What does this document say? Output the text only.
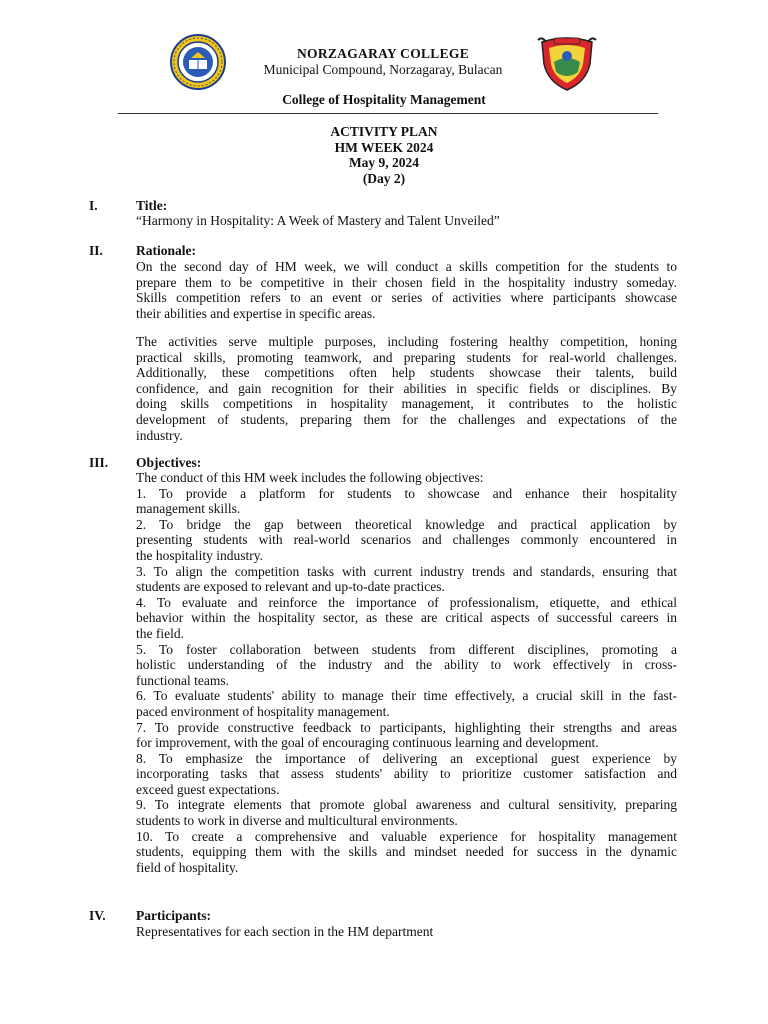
NORZAGARAY COLLEGE
Municipal Compound, Norzagaray, Bulacan
College of Hospitality Management
ACTIVITY PLAN
HM WEEK 2024
May 9, 2024
(Day 2)
I.	Title:
“Harmony in Hospitality: A Week of Mastery and Talent Unveiled”
II. Rationale:
On the second day of HM week, we will conduct a skills competition for the students to
prepare them to be competitive in their chosen field in the hospitality industry someday.
Skills competition refers to an event or series of activities where participants showcase
their abilities and expertise in specific areas.
The activities serve multiple purposes, including fostering healthy competition, honing
practical skills, promoting teamwork, and preparing students for real-world challenges.
Additionally, these competitions often help students showcase their talents, build
confidence, and gain recognition for their abilities in specific fields or disciplines. By
doing skills competitions in hospitality management, it contributes to the holistic
development of students, preparing them for the challenges and expectations of the
industry.
III. Objectives:
The conduct of this HM week includes the following objectives:
1. To provide a platform for students to showcase and enhance their hospitality
management skills.
2. To bridge the gap between theoretical knowledge and practical application by
presenting students with real-world scenarios and challenges commonly encountered in
the hospitality industry.
3. To align the competition tasks with current industry trends and standards, ensuring that
students are exposed to relevant and up-to-date practices.
4. To evaluate and reinforce the importance of professionalism, etiquette, and ethical
behavior within the hospitality sector, as these are critical aspects of successful careers in
the field.
5. To foster collaboration between students from different disciplines, promoting a
holistic understanding of the industry and the ability to work effectively in cross-
functional teams.
6. To evaluate students' ability to manage their time effectively, a crucial skill in the fast-
paced environment of hospitality management.
7. To provide constructive feedback to participants, highlighting their strengths and areas
for improvement, with the goal of encouraging continuous learning and development.
8. To emphasize the importance of delivering an exceptional guest experience by
incorporating tasks that assess students' ability to prioritize customer satisfaction and
exceed guest expectations.
9. To integrate elements that promote global awareness and cultural sensitivity, preparing
students to work in diverse and multicultural environments.
10. To create a comprehensive and valuable experience for hospitality management
students, equipping them with the skills and mindset needed for success in the dynamic
field of hospitality.
IV. Participants:
Representatives for each section in the HM department
